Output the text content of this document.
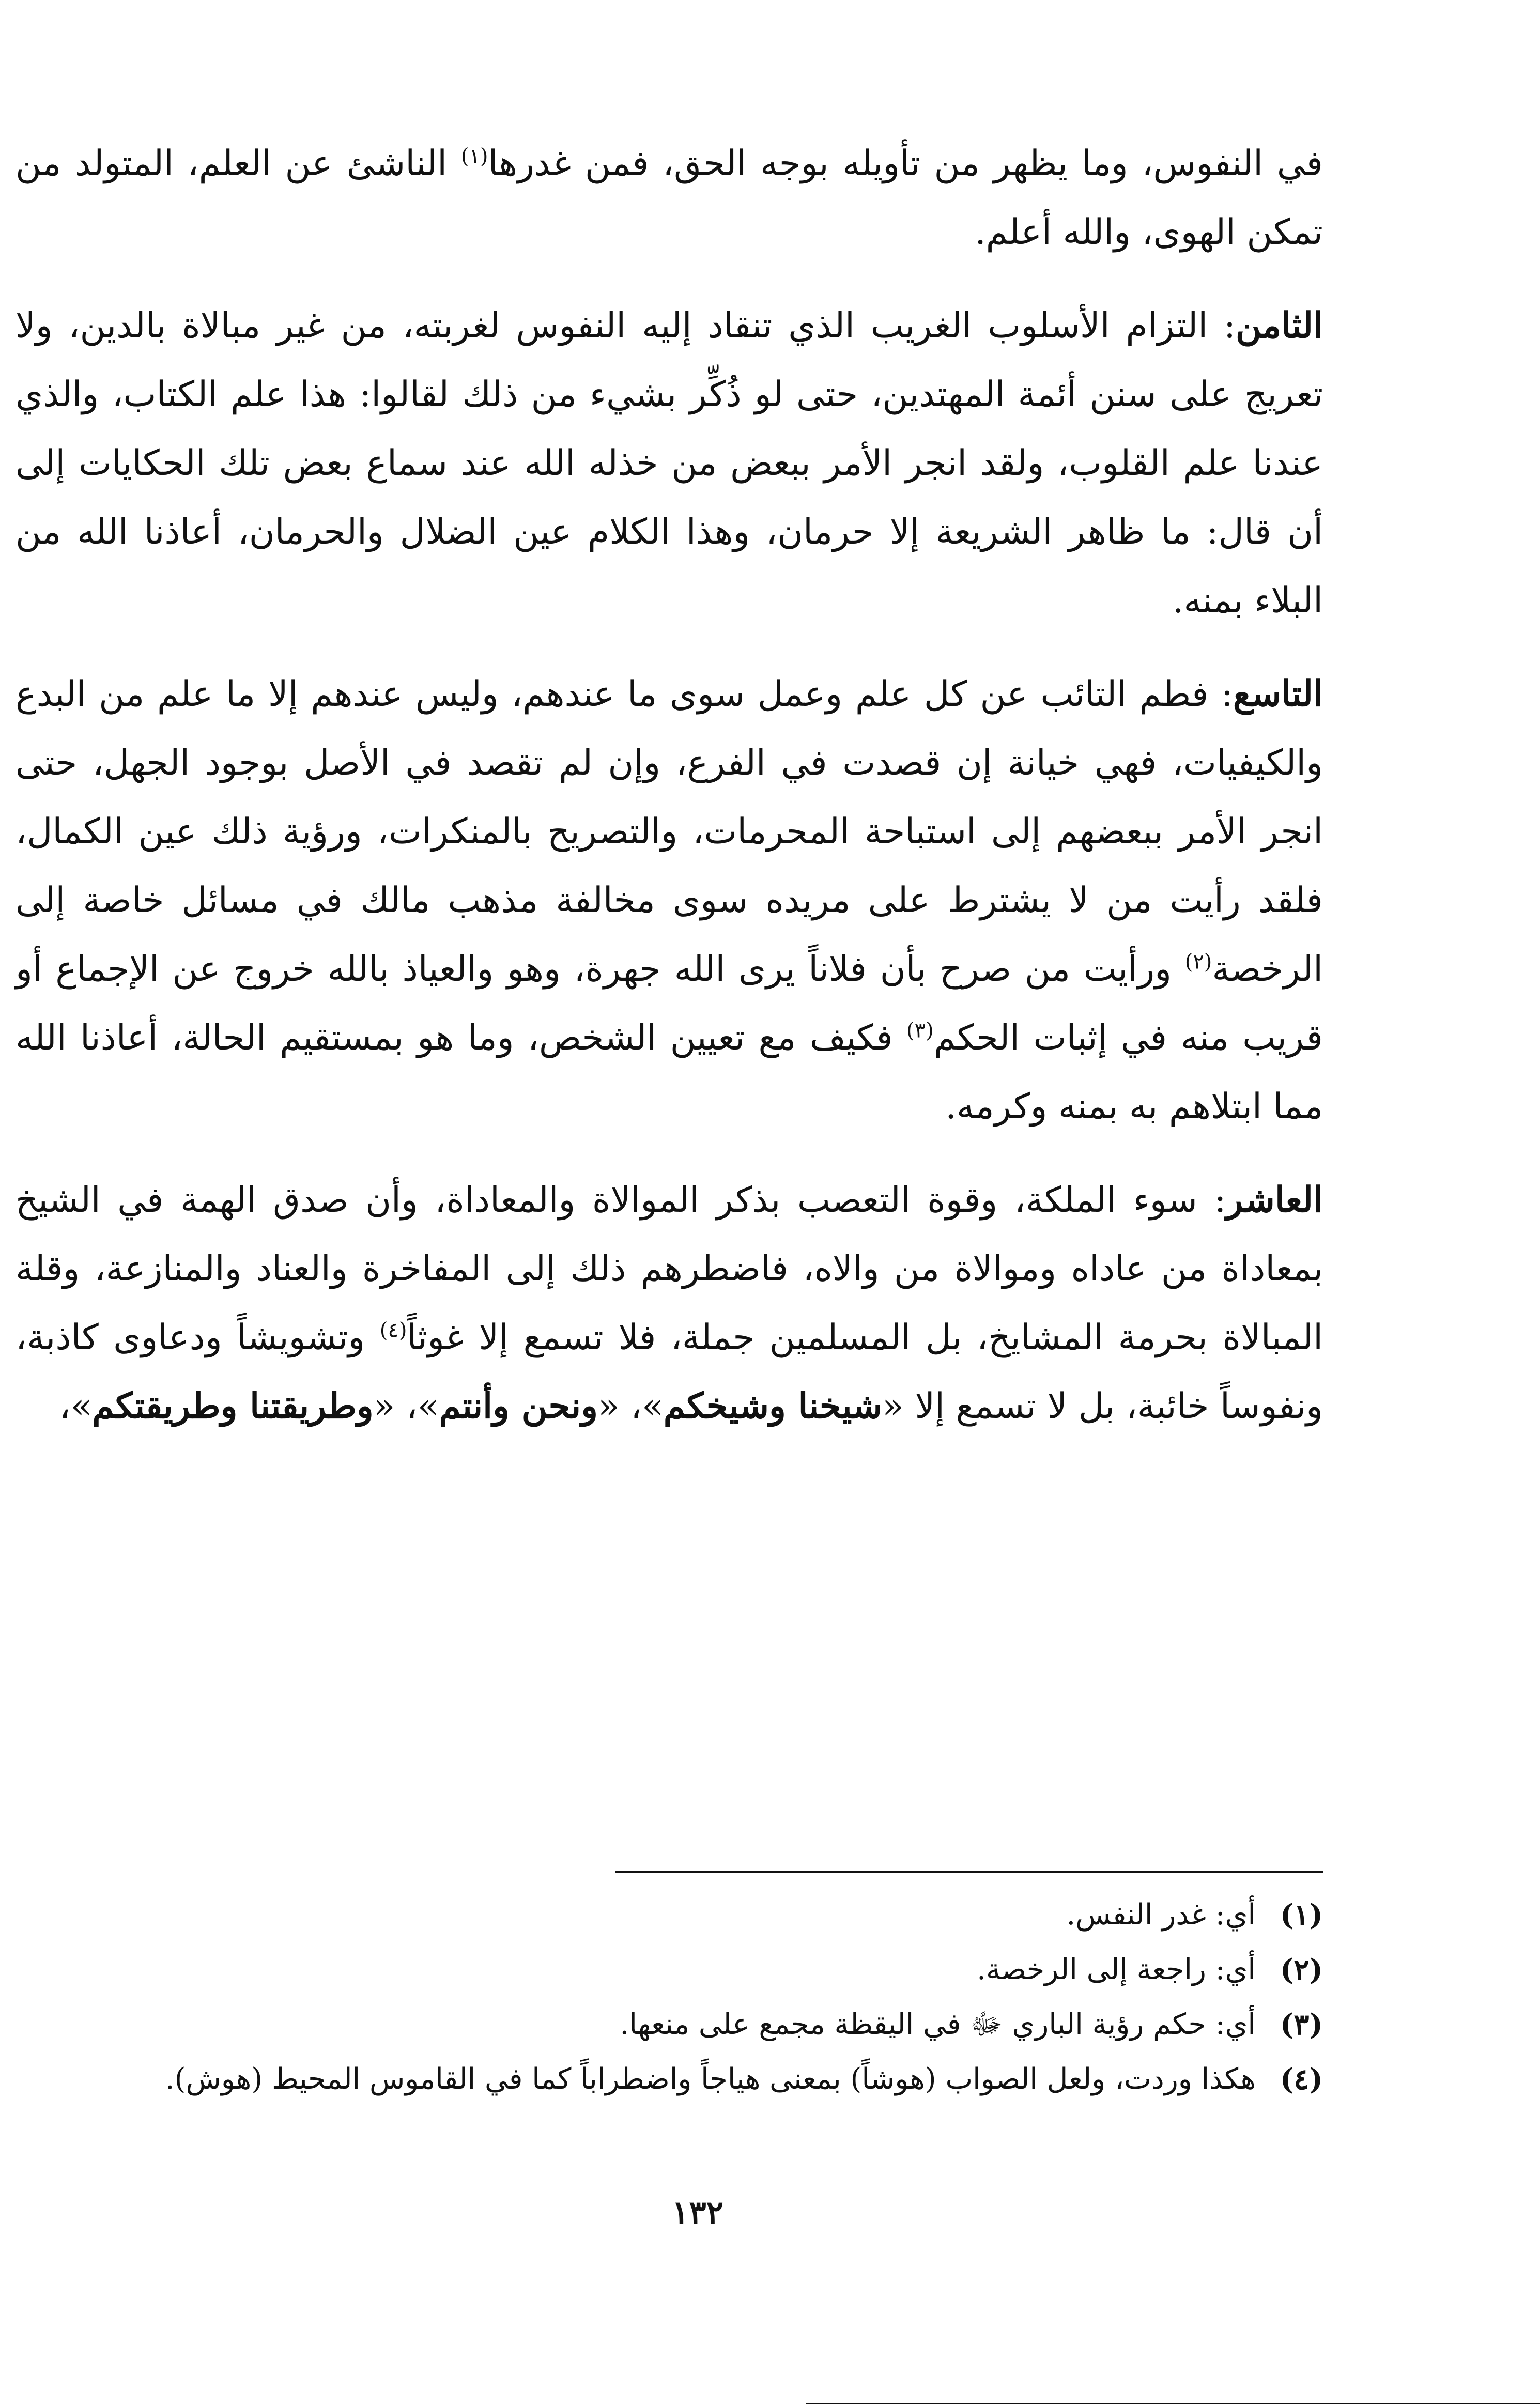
في النفوس، وما يظهر من تأويله بوجه الحق، فمن غدرها$^{(١)}$ الناشئ عن العلم، المتولد من تمكن الهوى، والله أعلم.

الثامن: التزام الأسلوب الغريب الذي تنقاد إليه النفوس لغربته، من غير مبالاة بالدين، ولا تعريج على سنن أئمة المهتدين، حتى لو ذُكِّر بشيء من ذلك لقالوا: هذا علم الكتاب، والذي عندنا علم القلوب، ولقد انجر الأمر ببعض من خذله الله عند سماع بعض تلك الحكايات إلى أن قال: ما ظاهر الشريعة إلا حرمان، وهذا الكلام عين الضلال والحرمان، أعاذنا الله من البلاء بمنه.

التاسع: فطم التائب عن كل علم وعمل سوى ما عندهم، وليس عندهم إلا ما علم من البدع والكيفيات، فهي خيانة إن قصدت في الفرع، وإن لم تقصد في الأصل بوجود الجهل، حتى انجر الأمر ببعضهم إلى استباحة المحرمات، والتصريح بالمنكرات، ورؤية ذلك عين الكمال، فلقد رأيت من لا يشترط على مريده سوى مخالفة مذهب مالك في مسائل خاصة إلى الرخصة$^{(٢)}$ ورأيت من صرح بأن فلاناً يرى الله جهرة، وهو والعياذ بالله خروج عن الإجماع أو قريب منه في إثبات الحكم$^{(٣)}$ فكيف مع تعيين الشخص، وما هو بمستقيم الحالة، أعاذنا الله مما ابتلاهم به بمنه وكرمه.

العاشر: سوء الملكة، وقوة التعصب بذكر الموالاة والمعاداة، وأن صدق الهمة في الشيخ بمعاداة من عاداه وموالاة من والاه، فاضطرهم ذلك إلى المفاخرة والعناد والمنازعة، وقلة المبالاة بحرمة المشايخ، بل المسلمين جملة، فلا تسمع إلا غوثاً$^{(٤)}$ وتشويشاً ودعاوى كاذبة، ونفوساً خائبة، بل لا تسمع إلا «شيخنا وشيخكم»، «ونحن وأنتم»، «وطريقتنا وطريقتكم»،

(١)
أي: غدر النفس.
(٢)
أي: راجعة إلى الرخصة.
(٣)
أي: حكم رؤية الباري ﷻ في اليقظة مجمع على منعها.
(٤)
هكذا وردت، ولعل الصواب (هوشاً) بمعنى هياجاً واضطراباً كما في القاموس المحيط (هوش).
١٣٢
